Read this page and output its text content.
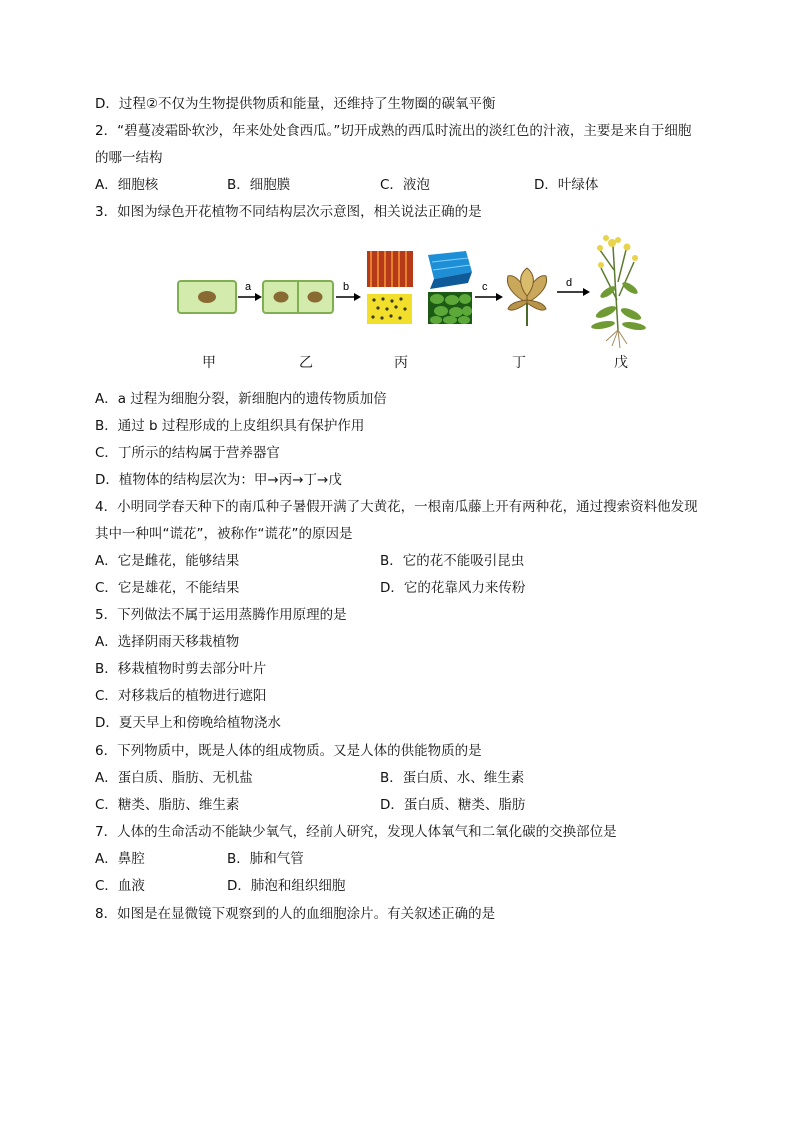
D．过程②不仅为生物提供物质和能量，还维持了生物圈的碳氧平衡
2．“碧蔓凌霜卧软沙，年来处处食西瓜。”切开成熟的西瓜时流出的淡红色的汁液，主要是来自于细胞
的哪一结构
A．细胞核	B．细胞膜	C．液泡	D．叶绿体
3．如图为绿色开花植物不同结构层次示意图，相关说法正确的是
a	b	c	d
甲	乙	丙	丁	戊
A．a 过程为细胞分裂，新细胞内的遗传物质加倍
B．通过 b 过程形成的上皮组织具有保护作用
C．丁所示的结构属于营养器官
D．植物体的结构层次为：甲→丙→丁→戊
4．小明同学春天种下的南瓜种子暑假开满了大黄花，一根南瓜藤上开有两种花，通过搜索资料他发现
其中一种叫“谎花”，被称作“谎花”的原因是
A．它是雌花，能够结果	B．它的花不能吸引昆虫
C．它是雄花，不能结果	D．它的花靠风力来传粉
5．下列做法不属于运用蒸腾作用原理的是
A．选择阴雨天移栽植物
B．移栽植物时剪去部分叶片
C．对移栽后的植物进行遮阳
D．夏天早上和傍晚给植物浇水
6．下列物质中，既是人体的组成物质。又是人体的供能物质的是
A．蛋白质、脂肪、无机盐	B．蛋白质、水、维生素
C．糖类、脂肪、维生素	D．蛋白质、糖类、脂肪
7．人体的生命活动不能缺少氧气，经前人研究，发现人体氧气和二氧化碳的交换部位是
A．鼻腔	B．肺和气管
C．血液	D．肺泡和组织细胞
8．如图是在显微镜下观察到的人的血细胞涂片。有关叙述正确的是
